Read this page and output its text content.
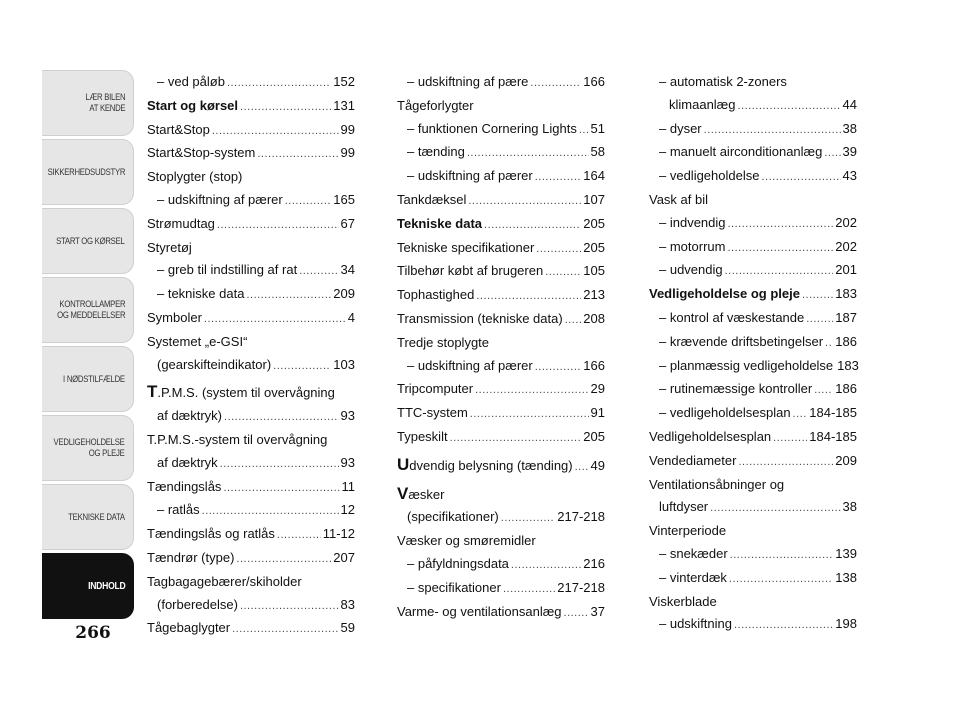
LÆR BILEN
AT KENDE
SIKKERHEDSUDSTYR
START OG KØRSEL
KONTROLLAMPER
OG MEDDELELSER
I NØDSTILFÆLDE
VEDLIGEHOLDELSE
OG PLEJE
TEKNISKE DATA
INDHOLD
266
– ved påløb .....	152
Start og kørsel .....	131
Start&Stop .....	99
Start&Stop-system .....	99
Stoplygter (stop)
– udskiftning af pærer .....	165
Strømudtag .....	67
Styretøj
– greb til indstilling af rat .....	34
– tekniske data .....	209
Symboler .....	4
Systemet „e-GSI“
(gearskifteindikator) .....	103
T.P.M.S. (system til overvågning
af dæktryk) .....	93
T.P.M.S.-system til overvågning
af dæktryk .....	93
Tændingslås .....	11
– ratlås .....	12
Tændingslås og ratlås .....	11-12
Tændrør (type) .....	207
Tagbagagebærer/skiholder
(forberedelse) .....	83
Tågebaglygter .....	59
– udskiftning af pære .....	166
Tågeforlygter
– funktionen Cornering Lights ..... 51
– tænding .....	58
– udskiftning af pærer .....	164
Tankdæksel .....	107
Tekniske data .....	205
Tekniske specifikationer .....	205
Tilbehør købt af brugeren .....	105
Tophastighed .....	213
Transmission (tekniske data) ..... 208
Tredje stoplygte
– udskiftning af pærer .....	166
Tripcomputer .....	29
TTC-system .....	91
Typeskilt .....	205
Udvendig belysning (tænding) ..... 49
Væsker
(specifikationer) .....	217-218
Væsker og smøremidler
– påfyldningsdata .....	216
– specifikationer .....	217-218
Varme- og ventilationsanlæg ..... 37
– automatisk 2-zoners
klimaanlæg .....	44
– dyser .....	38
– manuelt airconditionanlæg ..... 39
– vedligeholdelse .....	43
Vask af bil
– indvendig .....	202
– motorrum .....	202
– udvendig .....	201
Vedligeholdelse og pleje .....	183
– kontrol af væskestande ..... 187
– krævende driftsbetingelser ..... 186
– planmæssig vedligeholdelse 183
– rutinemæssige kontroller ..... 186
– vedligeholdelsesplan ..... 184-185
Vedligeholdelsesplan .....	184-185
Vendediameter .....	209
Ventilationsåbninger og
luftdyser .....	38
Vinterperiode
– snekæder .....	139
– vinterdæk .....	138
Viskerblade
– udskiftning .....	198
